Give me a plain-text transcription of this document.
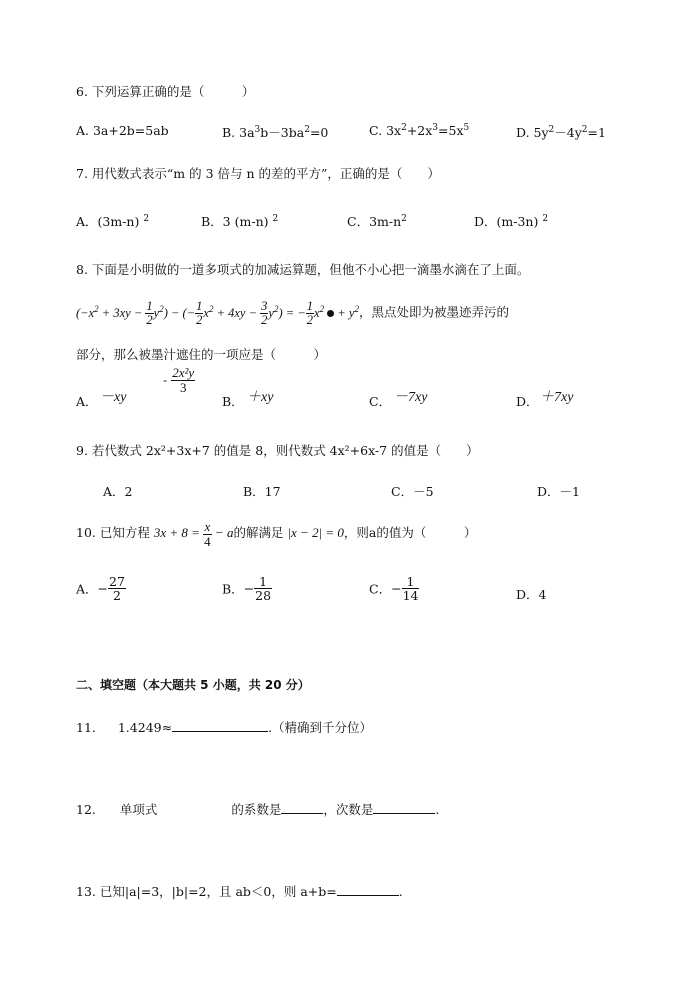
6. 下列运算正确的是（　　　）
A. 3a+2b=5ab	B. $3a^3b-3ba^2=0$	C. $3x^2+2x^3=5x^5$	D. $5y^2-4y^2=1$
7. 用代数式表示“m 的 3 倍与 n 的差的平方”，正确的是（　　）
A．(3m-n) $^2$	B．3 (m-n) $^2$	C．$3m-n^2$	D．(m-3n) $^2$
8. 下面是小明做的一道多项式的加减运算题，但他不小心把一滴墨水滴在了上面。
$(-x^2 + 3xy - \frac{1}{2} y^2)$ − (− $\frac{1}{2} x^2 + 4xy - \frac{3}{2} y^2$) = − $\frac{1}{2} x^2 + y^2$，黑点处即为被墨迹弄污的
部分，那么被墨汁遮住的一项应是（　　　）
A． －xy
- $\frac{\text{2x²y}}{3}$
B． ＋xy	C． －7xy	D． ＋7xy
9. 若代数式 2x²+3x+7 的值是 8，则代数式 4x²+6x-7 的值是（　　）
A．2	B．17	C．－5	D．－1
10. 已知方程 $3x + 8 = \frac{x}{4} - a$的解满足 |x − 2| = 0，则a的值为（　　　）
A．− $\frac{27}{2}$	B．− $\frac{1}{28}$	C．− $\frac{1}{14}$	D．4
二、填空题（本大题共 5 小题，共 20 分）
11. 1.4249≈	.（精确到千分位）
12. 单项式	的系数是	，次数是	.
13. 已知|a|=3，|b|=2，且 ab＜0，则 a+b=	.
